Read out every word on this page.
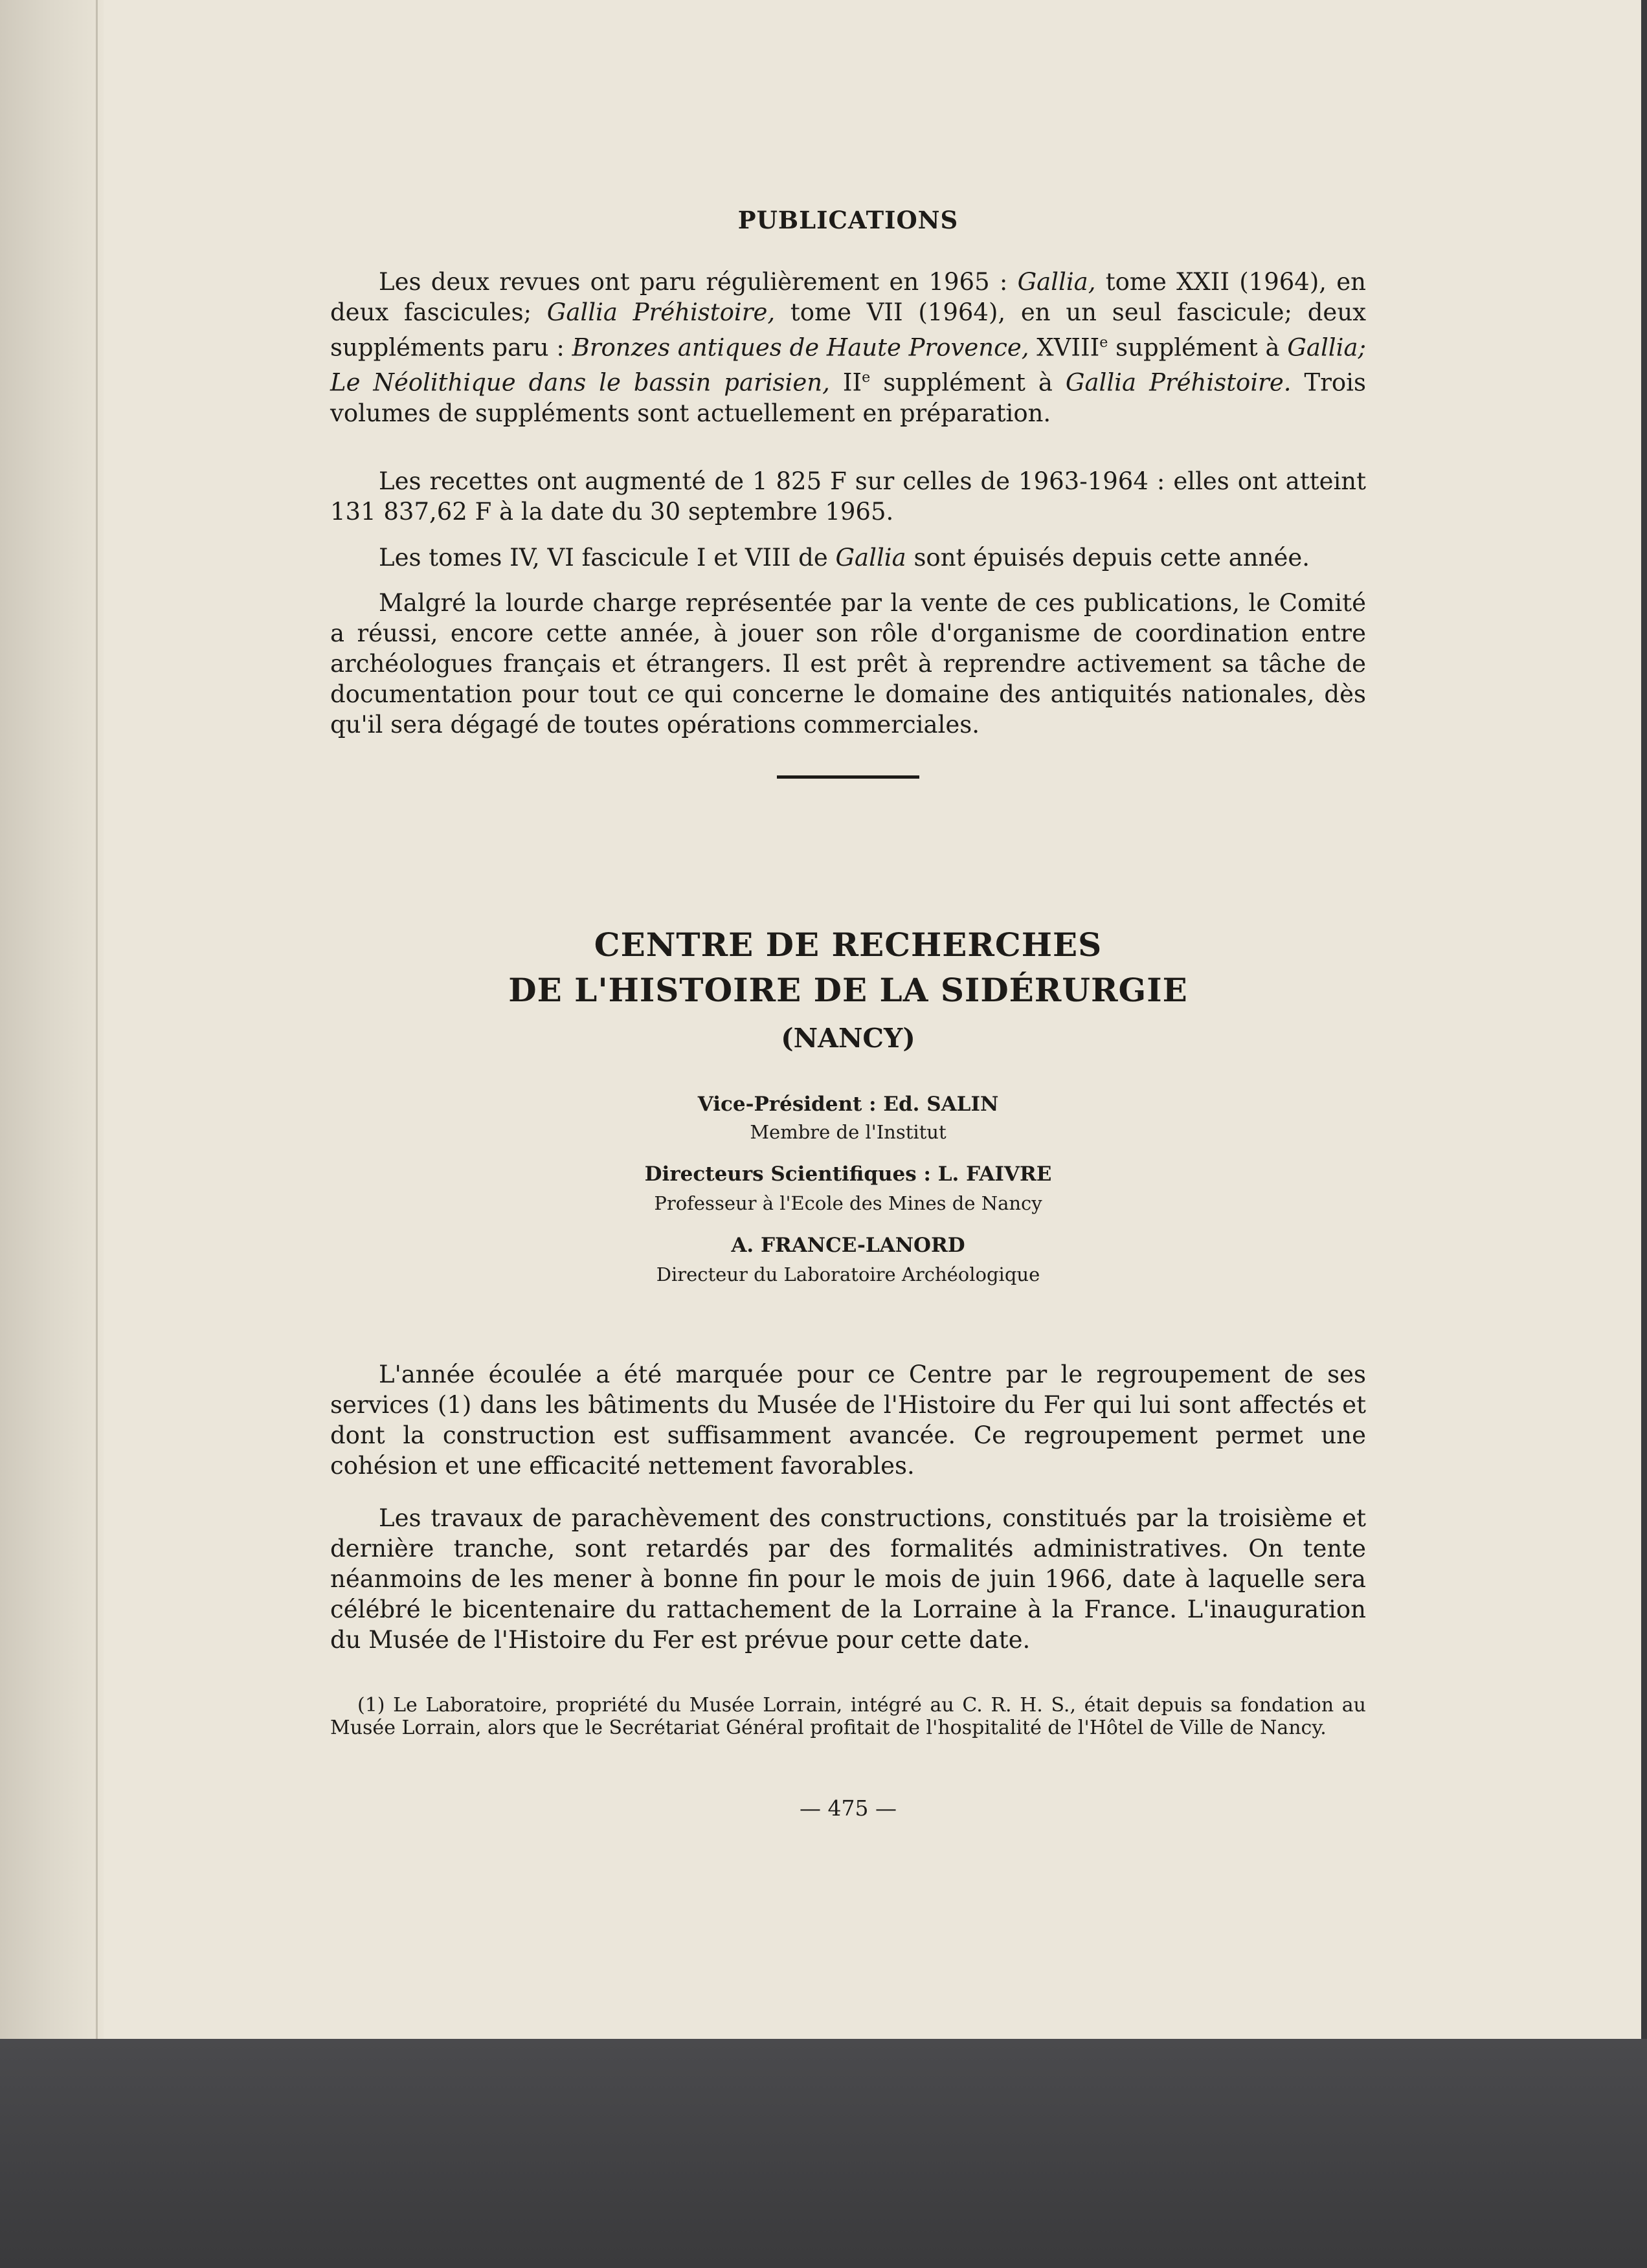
PUBLICATIONS

Les deux revues ont paru régulièrement en 1965 : Gallia, tome XXII (1964), en deux fascicules; Gallia Préhistoire, tome VII (1964), en un seul fascicule; deux suppléments paru : Bronzes antiques de Haute Provence, XVIIIe supplément à Gallia; Le Néolithique dans le bassin parisien, IIe supplément à Gallia Préhistoire. Trois volumes de suppléments sont actuellement en préparation.

Les recettes ont augmenté de 1 825 F sur celles de 1963-1964 : elles ont atteint 131 837,62 F à la date du 30 septembre 1965.

Les tomes IV, VI fascicule I et VIII de Gallia sont épuisés depuis cette année.

Malgré la lourde charge représentée par la vente de ces publications, le Comité a réussi, encore cette année, à jouer son rôle d'organisme de coordination entre archéologues français et étrangers. Il est prêt à reprendre activement sa tâche de documentation pour tout ce qui concerne le domaine des antiquités nationales, dès qu'il sera dégagé de toutes opérations commerciales.

CENTRE DE RECHERCHES
DE L'HISTOIRE DE LA SIDÉRURGIE
(NANCY)
Vice-Président : Ed. SALIN
Membre de l'Institut
Directeurs Scientifiques : L. FAIVRE
Professeur à l'Ecole des Mines de Nancy
A. FRANCE-LANORD
Directeur du Laboratoire Archéologique

L'année écoulée a été marquée pour ce Centre par le regroupement de ses services (1) dans les bâtiments du Musée de l'Histoire du Fer qui lui sont affectés et dont la construction est suffisamment avancée. Ce regroupement permet une cohésion et une efficacité nettement favorables.

Les travaux de parachèvement des constructions, constitués par la troisième et dernière tranche, sont retardés par des formalités administratives. On tente néanmoins de les mener à bonne fin pour le mois de juin 1966, date à laquelle sera célébré le bicentenaire du rattachement de la Lorraine à la France. L'inauguration du Musée de l'Histoire du Fer est prévue pour cette date.

(1) Le Laboratoire, propriété du Musée Lorrain, intégré au C. R. H. S., était depuis sa fondation au Musée Lorrain, alors que le Secrétariat Général profitait de l'hospitalité de l'Hôtel de Ville de Nancy.

— 475 —
